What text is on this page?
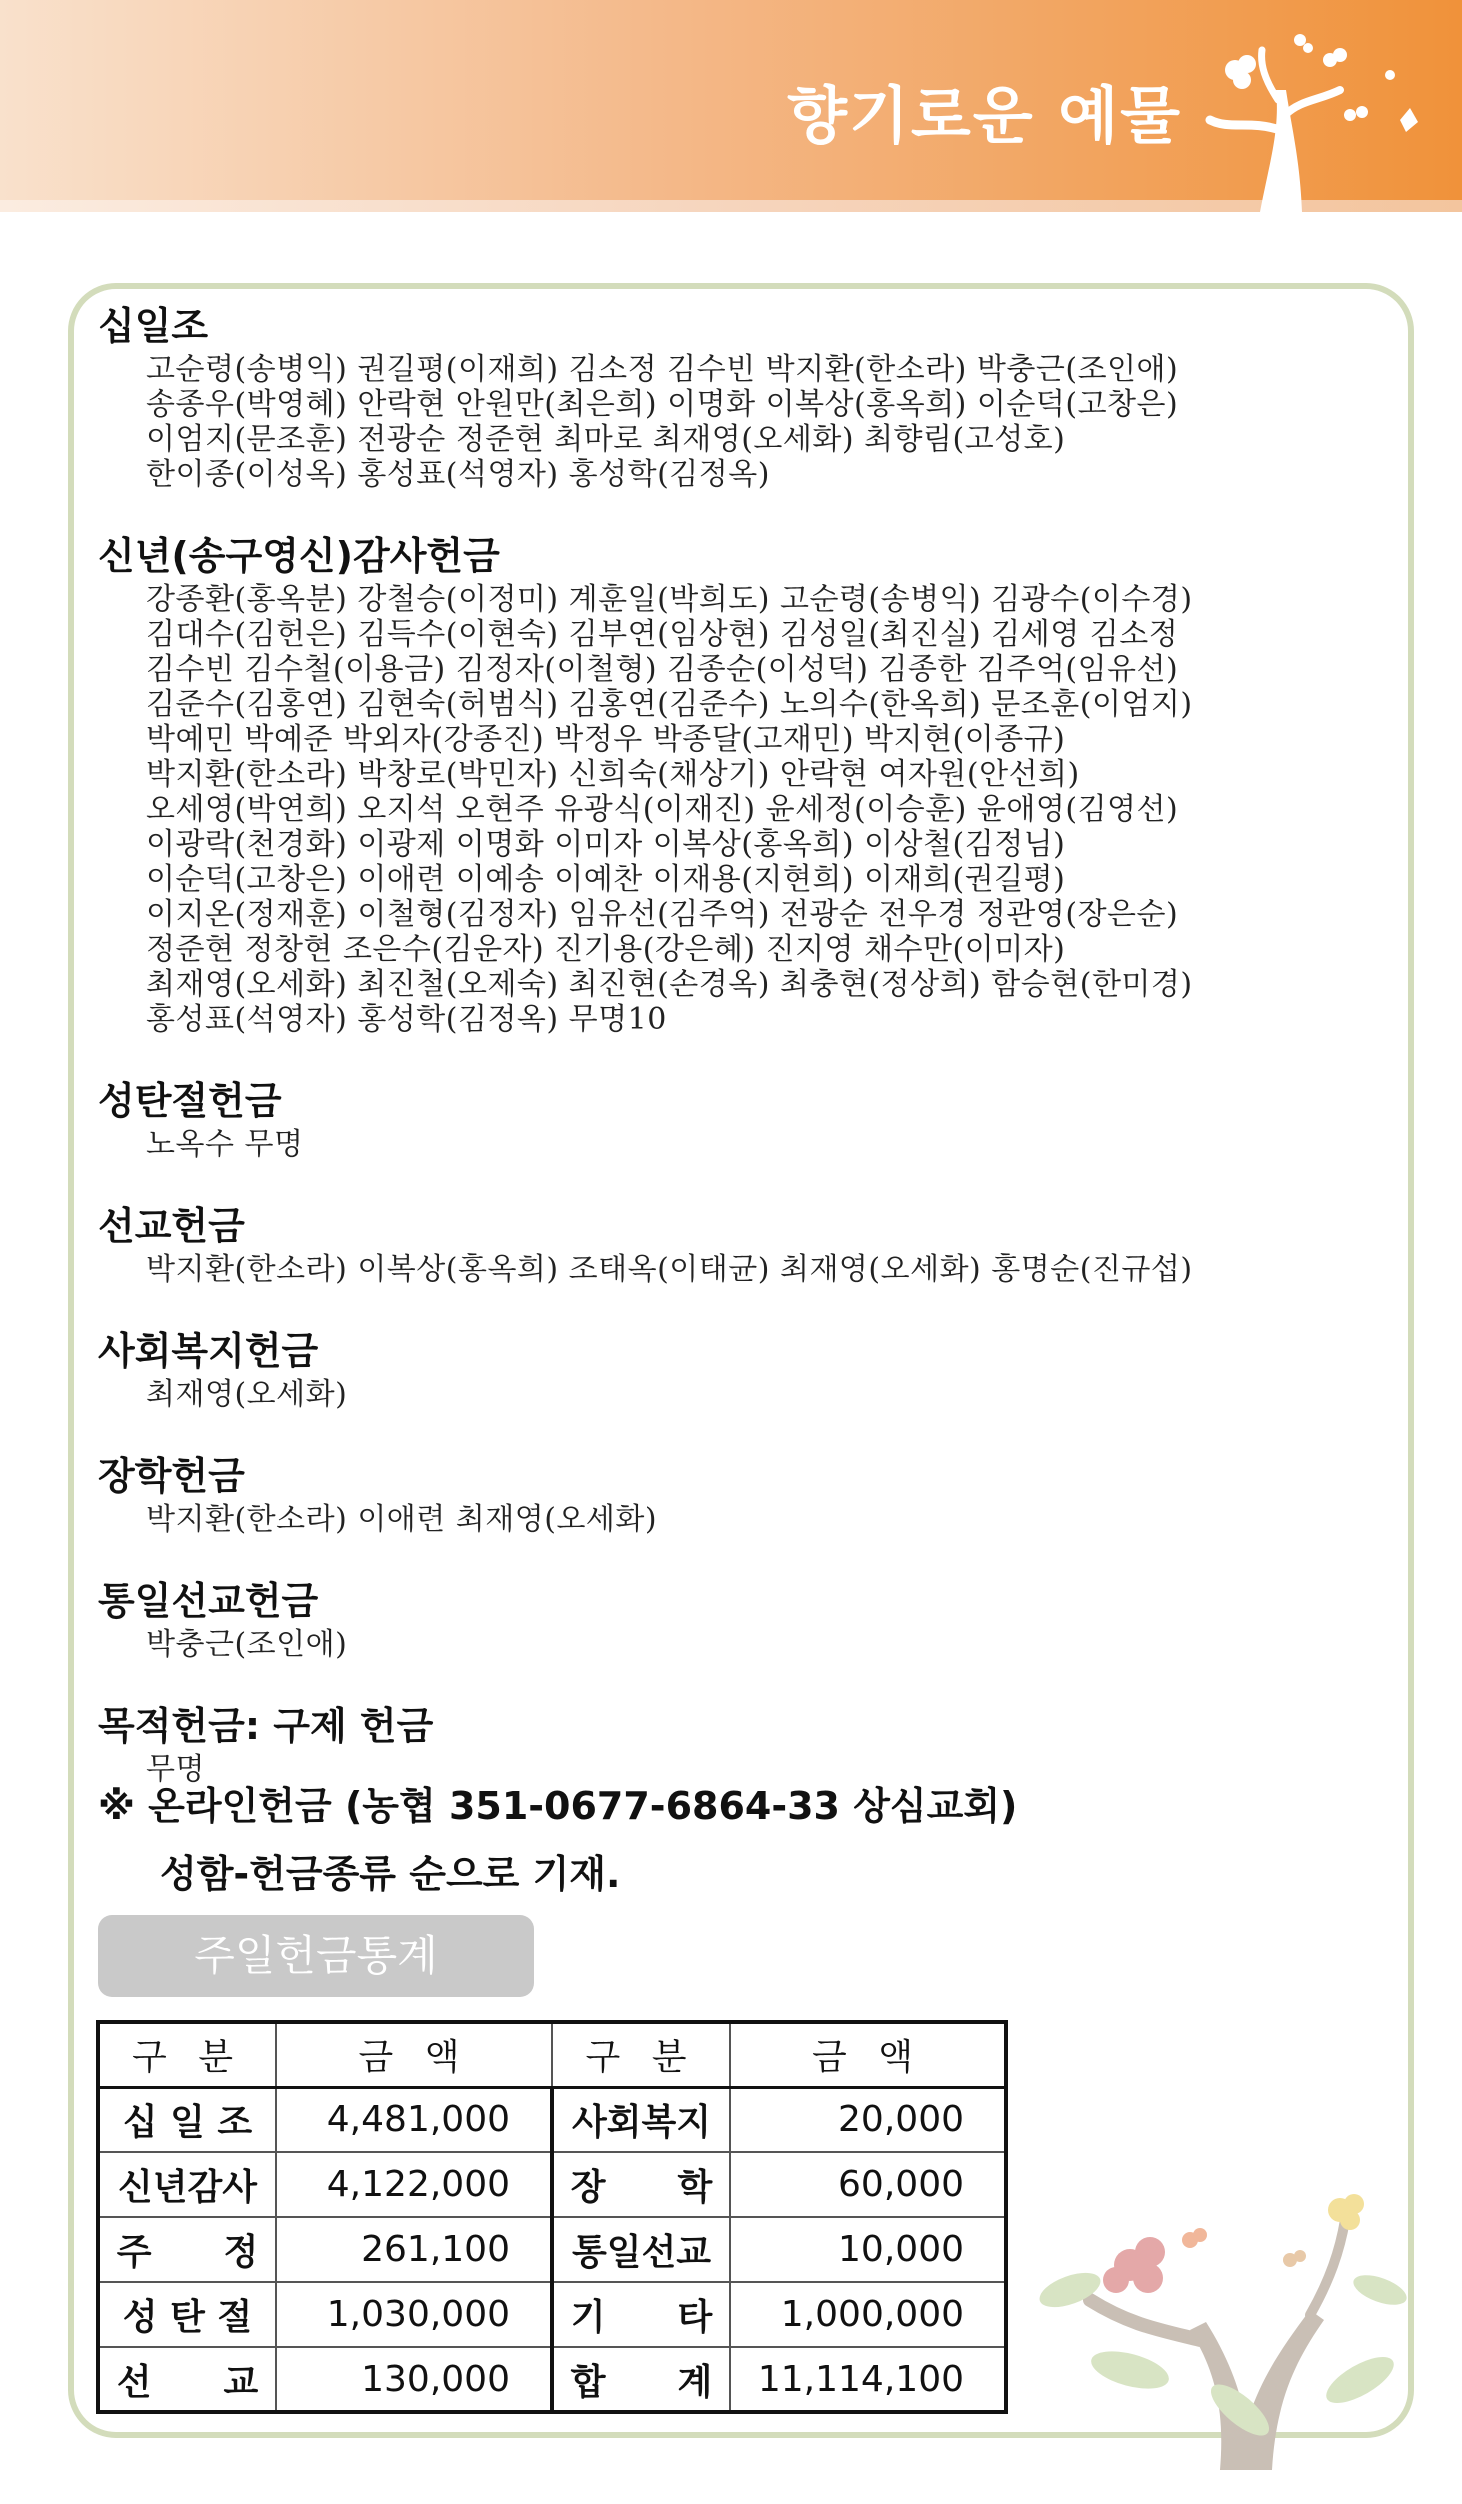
향기로운 예물
십일조
고순령(송병익) 권길평(이재희) 김소정 김수빈 박지환(한소라) 박충근(조인애)
송종우(박영혜) 안락현 안원만(최은희) 이명화 이복상(홍옥희) 이순덕(고창은)
이엄지(문조훈) 전광순 정준현 최마로 최재영(오세화) 최향림(고성호)
한이종(이성옥) 홍성표(석영자) 홍성학(김정옥)
신년(송구영신)감사헌금
강종환(홍옥분) 강철승(이정미) 계훈일(박희도) 고순령(송병익) 김광수(이수경)
김대수(김헌은) 김득수(이현숙) 김부연(임상현) 김성일(최진실) 김세영 김소정
김수빈 김수철(이용금) 김정자(이철형) 김종순(이성덕) 김종한 김주억(임유선)
김준수(김홍연) 김현숙(허범식) 김홍연(김준수) 노의수(한옥희) 문조훈(이엄지)
박예민 박예준 박외자(강종진) 박정우 박종달(고재민) 박지현(이종규)
박지환(한소라) 박창로(박민자) 신희숙(채상기) 안락현 여자원(안선희)
오세영(박연희) 오지석 오현주 유광식(이재진) 윤세정(이승훈) 윤애영(김영선)
이광락(천경화) 이광제 이명화 이미자 이복상(홍옥희) 이상철(김정님)
이순덕(고창은) 이애련 이예송 이예찬 이재용(지현희) 이재희(권길평)
이지온(정재훈) 이철형(김정자) 임유선(김주억) 전광순 전우경 정관영(장은순)
정준현 정창현 조은수(김운자) 진기용(강은혜) 진지영 채수만(이미자)
최재영(오세화) 최진철(오제숙) 최진현(손경옥) 최충현(정상희) 함승현(한미경)
홍성표(석영자) 홍성학(김정옥) 무명10
성탄절헌금
노옥수 무명
선교헌금
박지환(한소라) 이복상(홍옥희) 조태옥(이태균) 최재영(오세화) 홍명순(진규섭)
사회복지헌금
최재영(오세화)
장학헌금
박지환(한소라) 이애련 최재영(오세화)
통일선교헌금
박충근(조인애)
목적헌금: 구제 헌금
무명
※ 온라인헌금 (농협 351-0677-6864-33 상심교회)
성함-헌금종류 순으로 기재.
주일헌금통계
구 분	금 액	구 분	금 액
십 일 조	4,481,000	사회복지	20,000
신년감사	4,122,000	장　　학	60,000
주　　정	261,100	통일선교	10,000
성 탄 절	1,030,000	기　　타	1,000,000
선　　교	130,000	합　　계	11,114,100
